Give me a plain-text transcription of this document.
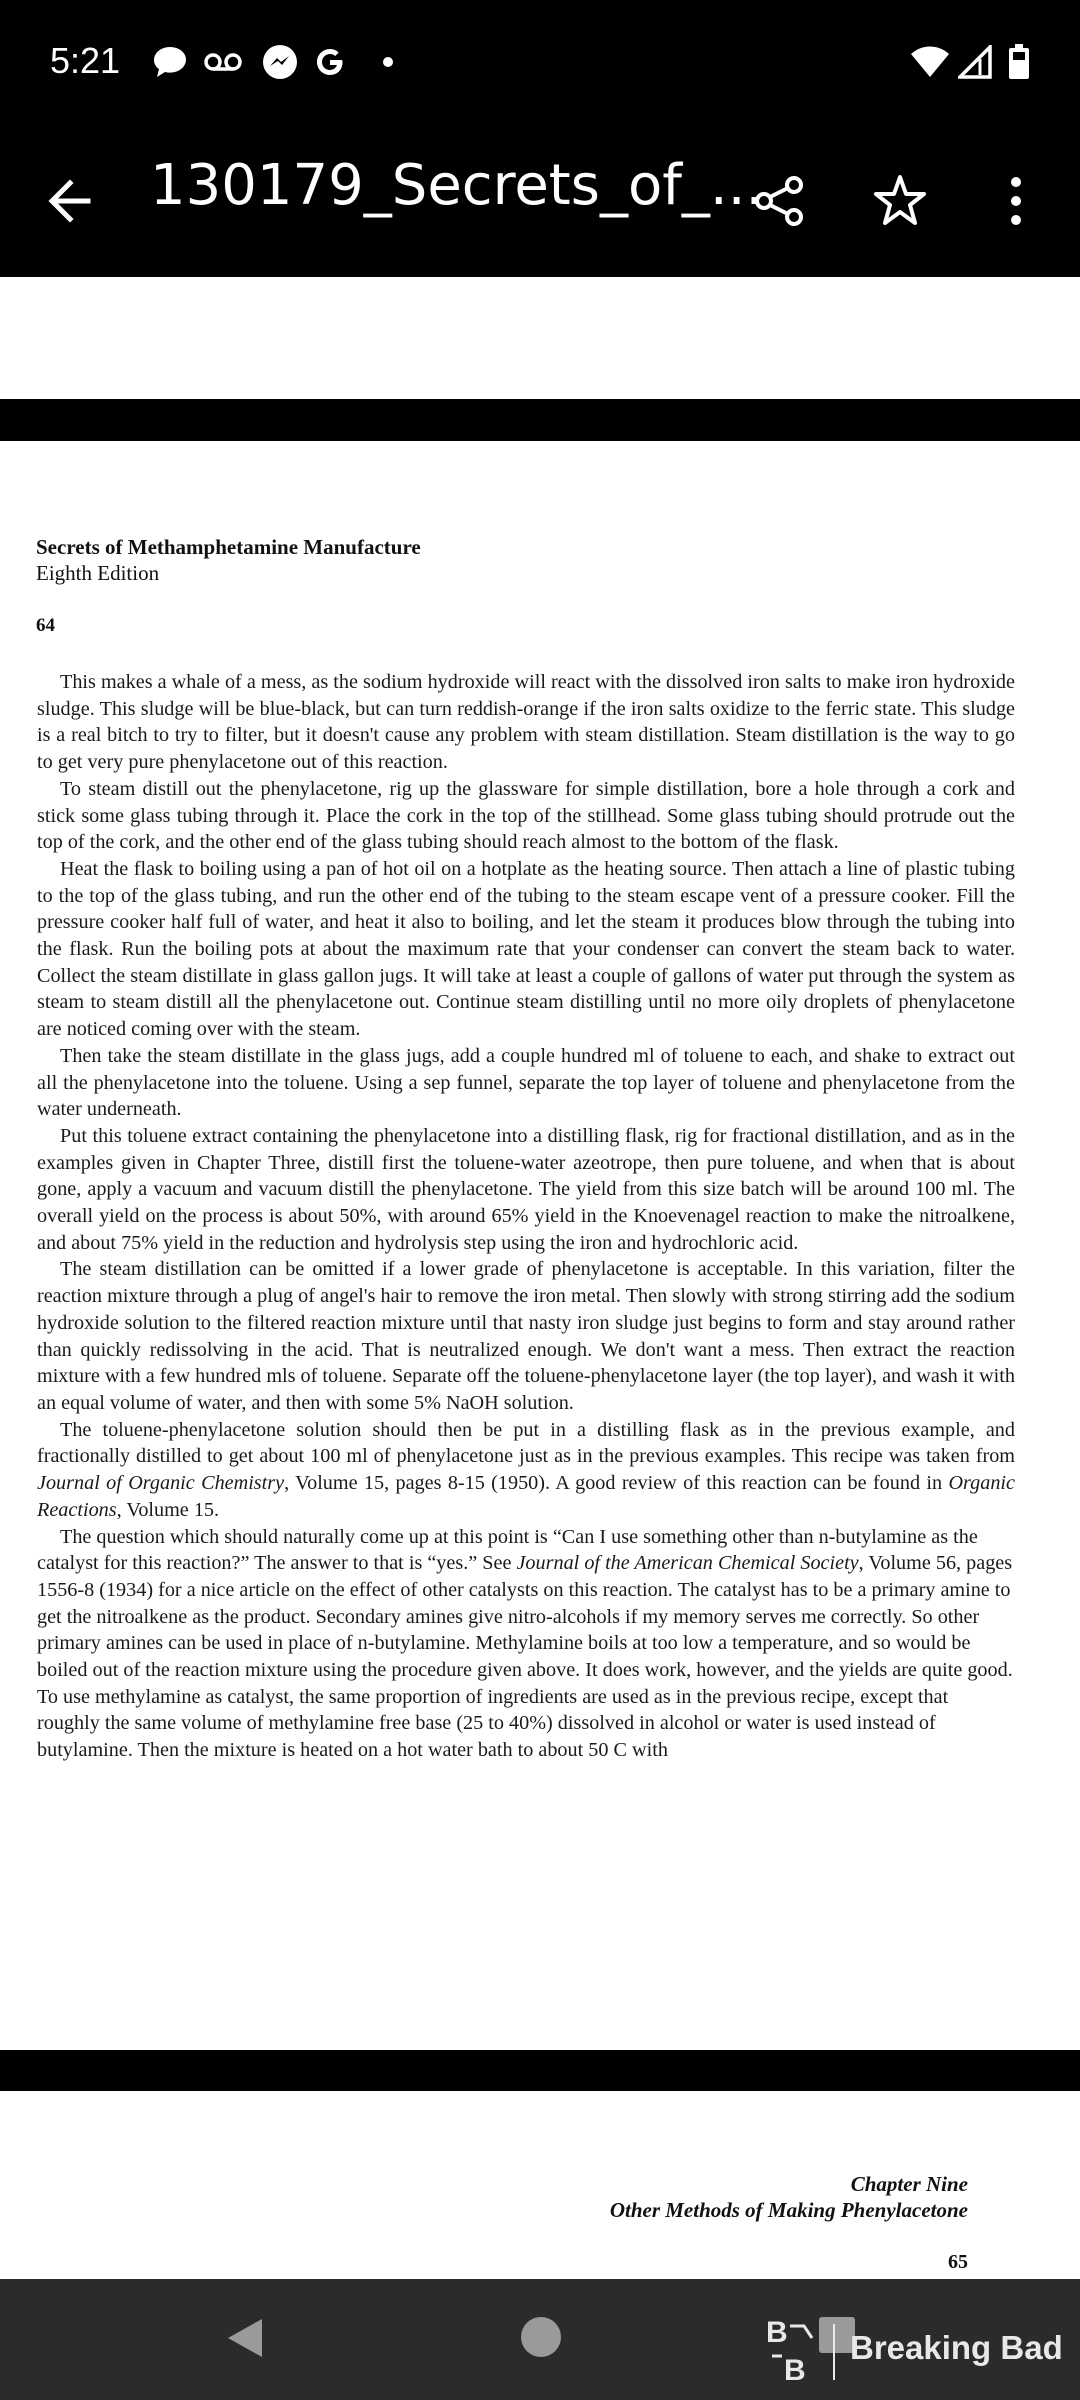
5:21
130179_Secrets_of_...
Secrets of Methamphetamine Manufacture
Eighth Edition
64

This makes a whale of a mess, as the sodium hydroxide will react with the dissolved iron salts to make iron hydroxide sludge. This sludge will be blue-black, but can turn reddish-orange if the iron salts oxidize to the ferric state. This sludge is a real bitch to try to filter, but it doesn't cause any problem with steam distillation. Steam distillation is the way to go to get very pure phenylacetone out of this reaction.

To steam distill out the phenylacetone, rig up the glassware for simple distillation, bore a hole through a cork and stick some glass tubing through it. Place the cork in the top of the stillhead. Some glass tubing should protrude out the top of the cork, and the other end of the glass tubing should reach almost to the bottom of the flask.

Heat the flask to boiling using a pan of hot oil on a hotplate as the heating source. Then attach a line of plastic tubing to the top of the glass tubing, and run the other end of the tubing to the steam escape vent of a pressure cooker. Fill the pressure cooker half full of water, and heat it also to boiling, and let the steam it produces blow through the tubing into the flask. Run the boiling pots at about the maximum rate that your condenser can convert the steam back to water. Collect the steam distillate in glass gallon jugs. It will take at least a couple of gallons of water put through the system as steam to steam distill all the phenylacetone out. Continue steam distilling until no more oily droplets of phenylacetone are noticed coming over with the steam.

Then take the steam distillate in the glass jugs, add a couple hundred ml of toluene to each, and shake to extract out all the phenylacetone into the toluene. Using a sep funnel, separate the top layer of toluene and phenylacetone from the water underneath.

Put this toluene extract containing the phenylacetone into a distilling flask, rig for fractional distillation, and as in the examples given in Chapter Three, distill first the toluene-water azeotrope, then pure toluene, and when that is about gone, apply a vacuum and vacuum distill the phenylacetone. The yield from this size batch will be around 100 ml. The overall yield on the process is about 50%, with around 65% yield in the Knoevenagel reaction to make the nitroalkene, and about 75% yield in the reduction and hydrolysis step using the iron and hydrochloric acid.

The steam distillation can be omitted if a lower grade of phenylacetone is acceptable. In this variation, filter the reaction mixture through a plug of angel's hair to remove the iron metal. Then slowly with strong stirring add the sodium hydroxide solution to the filtered reaction mixture until that nasty iron sludge just begins to form and stay around rather than quickly redissolving in the acid. That is neutralized enough. We don't want a mess. Then extract the reaction mixture with a few hundred mls of toluene. Separate off the toluene-phenylacetone layer (the top layer), and wash it with an equal volume of water, and then with some 5% NaOH solution.

The toluene-phenylacetone solution should then be put in a distilling flask as in the previous example, and fractionally distilled to get about 100 ml of phenylacetone just as in the previous examples. This recipe was taken from Journal of Organic Chemistry, Volume 15, pages 8-15 (1950). A good review of this reaction can be found in Organic Reactions, Volume 15.

The question which should naturally come up at this point is “Can I use something other than n-butylamine as the catalyst for this reaction?” The answer to that is “yes.” See Journal of the American Chemical Society, Volume 56, pages 1556-8 (1934) for a nice article on the effect of other catalysts on this reaction. The catalyst has to be a primary amine to get the nitroalkene as the product. Secondary amines give nitro-alcohols if my memory serves me correctly. So other primary amines can be used in place of n-butylamine. Methylamine boils at too low a temperature, and so would be boiled out of the reaction mixture using the procedure given above. It does work, however, and the yields are quite good. To use methylamine as catalyst, the same proportion of ingredients are used as in the previous recipe, except that roughly the same volume of methylamine free base (25 to 40%) dissolved in alcohol or water is used instead of butylamine. Then the mixture is heated on a hot water bath to about 50 C with

Chapter Nine
Other Methods of Making Phenylacetone
65
B
B
Breaking Bad
